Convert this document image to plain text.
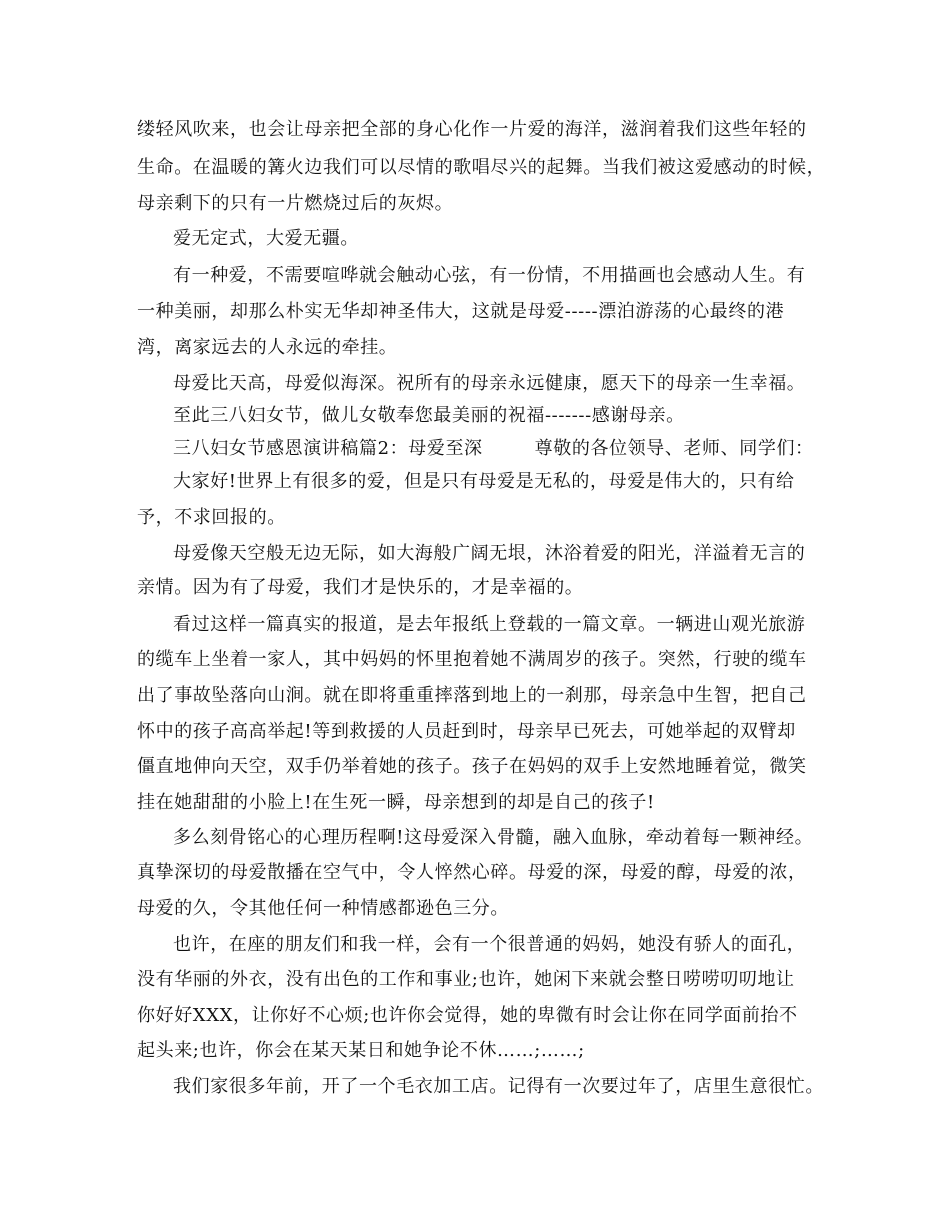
缕轻风吹来，也会让母亲把全部的身心化作一片爱的海洋，滋润着我们这些年轻的
生命。在温暖的篝火边我们可以尽情的歌唱尽兴的起舞。当我们被这爱感动的时候，
母亲剩下的只有一片燃烧过后的灰烬。
爱无定式，大爱无疆。
有一种爱，不需要喧哗就会触动心弦，有一份情，不用描画也会感动人生。有
一种美丽，却那么朴实无华却神圣伟大，这就是母爱-----漂泊游荡的心最终的港
湾，离家远去的人永远的牵挂。
母爱比天高，母爱似海深。祝所有的母亲永远健康，愿天下的母亲一生幸福。
至此三八妇女节，做儿女敬奉您最美丽的祝福-------感谢母亲。
三八妇女节感恩演讲稿篇2：母爱至深	尊敬的各位领导、老师、同学们：
大家好!世界上有很多的爱，但是只有母爱是无私的，母爱是伟大的，只有给
予，不求回报的。
母爱像天空般无边无际，如大海般广阔无垠，沐浴着爱的阳光，洋溢着无言的
亲情。因为有了母爱，我们才是快乐的，才是幸福的。
看过这样一篇真实的报道，是去年报纸上登载的一篇文章。一辆进山观光旅游
的缆车上坐着一家人，其中妈妈的怀里抱着她不满周岁的孩子。突然，行驶的缆车
出了事故坠落向山涧。就在即将重重摔落到地上的一刹那，母亲急中生智，把自己
怀中的孩子高高举起!等到救援的人员赶到时，母亲早已死去，可她举起的双臂却
僵直地伸向天空，双手仍举着她的孩子。孩子在妈妈的双手上安然地睡着觉，微笑
挂在她甜甜的小脸上!在生死一瞬，母亲想到的却是自己的孩子!
多么刻骨铭心的心理历程啊!这母爱深入骨髓，融入血脉，牵动着每一颗神经。
真挚深切的母爱散播在空气中，令人悴然心碎。母爱的深，母爱的醇，母爱的浓，
母爱的久，令其他任何一种情感都逊色三分。
也许，在座的朋友们和我一样，会有一个很普通的妈妈，她没有骄人的面孔，
没有华丽的外衣，没有出色的工作和事业;也许，她闲下来就会整日唠唠叨叨地让
你好好XXX，让你好不心烦;也许你会觉得，她的卑微有时会让你在同学面前抬不
起头来;也许，你会在某天某日和她争论不休……;……;
我们家很多年前，开了一个毛衣加工店。记得有一次要过年了，店里生意很忙。
